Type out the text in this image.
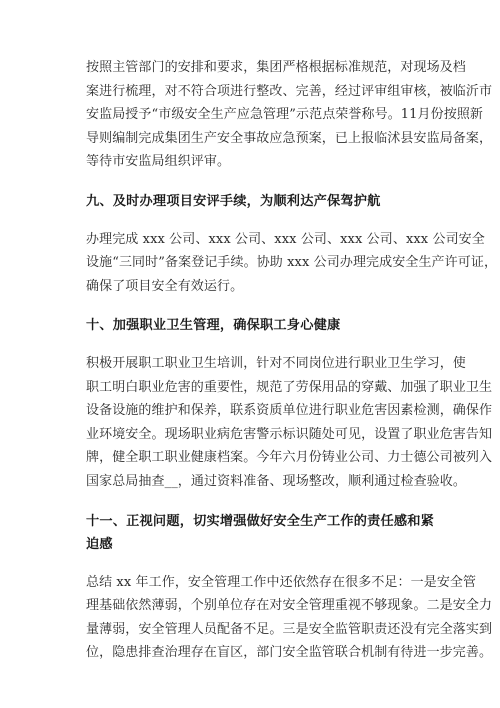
按照主管部门的安排和要求，集团严格根据标准规范，对现场及档
案进行梳理，对不符合项进行整改、完善，经过评审组审核，被临沂市
安监局授予“市级安全生产应急管理”示范点荣誉称号。11月份按照新
导则编制完成集团生产安全事故应急预案，已上报临沭县安监局备案，
等待市安监局组织评审。
九、及时办理项目安评手续，为顺利达产保驾护航
办理完成 xxx 公司、xxx 公司、xxx 公司、xxx 公司、xxx 公司安全
设施“三同时”备案登记手续。协助 xxx 公司办理完成安全生产许可证，
确保了项目安全有效运行。
十、加强职业卫生管理，确保职工身心健康
积极开展职工职业卫生培训，针对不同岗位进行职业卫生学习，使
职工明白职业危害的重要性，规范了劳保用品的穿戴、加强了职业卫生
设备设施的维护和保养，联系资质单位进行职业危害因素检测，确保作
业环境安全。现场职业病危害警示标识随处可见，设置了职业危害告知
牌，健全职工职业健康档案。今年六月份铸业公司、力士德公司被列入
国家总局抽查__，通过资料准备、现场整改，顺利通过检查验收。
十一、正视问题，切实增强做好安全生产工作的责任感和紧迫感
总结 xx 年工作，安全管理工作中还依然存在很多不足：一是安全管
理基础依然薄弱，个别单位存在对安全管理重视不够现象。二是安全力
量薄弱，安全管理人员配备不足。三是安全监管职责还没有完全落实到
位，隐患排查治理存在盲区，部门安全监管联合机制有待进一步完善。
